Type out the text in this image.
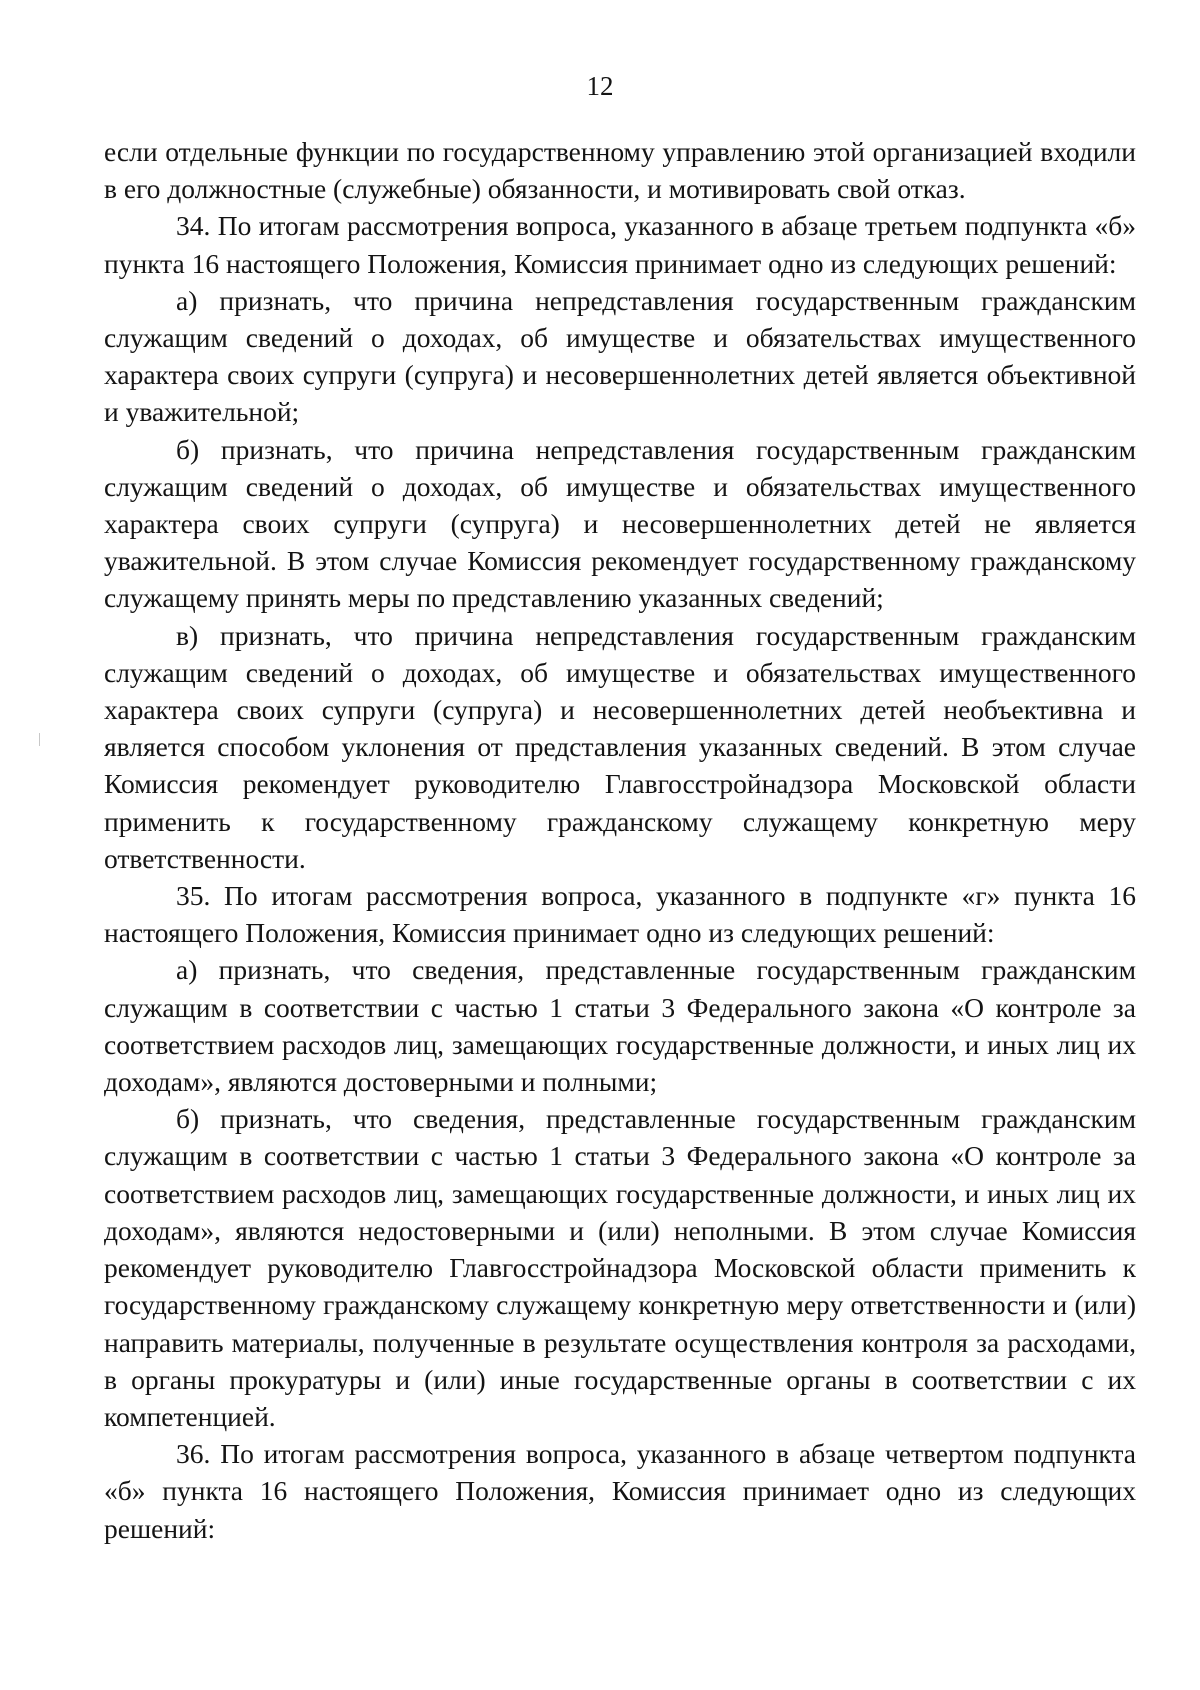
12

если отдельные функции по государственному управлению этой организацией входили в его должностные (служебные) обязанности, и мотивировать свой отказ.

34. По итогам рассмотрения вопроса, указанного в абзаце третьем подпункта «б» пункта 16 настоящего Положения, Комиссия принимает одно из следующих решений:

а) признать, что причина непредставления государственным гражданским служащим сведений о доходах, об имуществе и обязательствах имущественного характера своих супруги (супруга) и несовершеннолетних детей является объективной и уважительной;

б) признать, что причина непредставления государственным гражданским служащим сведений о доходах, об имуществе и обязательствах имущественного характера своих супруги (супруга) и несовершеннолетних детей не является уважительной. В этом случае Комиссия рекомендует государственному гражданскому служащему принять меры по представлению указанных сведений;

в) признать, что причина непредставления государственным гражданским служащим сведений о доходах, об имуществе и обязательствах имущественного характера своих супруги (супруга) и несовершеннолетних детей необъективна и является способом уклонения от представления указанных сведений. В этом случае Комиссия рекомендует руководителю Главгосстройнадзора Московской области применить к государственному гражданскому служащему конкретную меру ответственности.

35. По итогам рассмотрения вопроса, указанного в подпункте «г» пункта 16 настоящего Положения, Комиссия принимает одно из следующих решений:

а) признать, что сведения, представленные государственным гражданским служащим в соответствии с частью 1 статьи 3 Федерального закона «О контроле за соответствием расходов лиц, замещающих государственные должности, и иных лиц их доходам», являются достоверными и полными;

б) признать, что сведения, представленные государственным гражданским служащим в соответствии с частью 1 статьи 3 Федерального закона «О контроле за соответствием расходов лиц, замещающих государственные должности, и иных лиц их доходам», являются недостоверными и (или) неполными. В этом случае Комиссия рекомендует руководителю Главгосстройнадзора Московской области применить к государственному гражданскому служащему конкретную меру ответственности и (или) направить материалы, полученные в результате осуществления контроля за расходами, в органы прокуратуры и (или) иные государственные органы в соответствии с их компетенцией.

36. По итогам рассмотрения вопроса, указанного в абзаце четвертом подпункта «б» пункта 16 настоящего Положения, Комиссия принимает одно из следующих решений:
